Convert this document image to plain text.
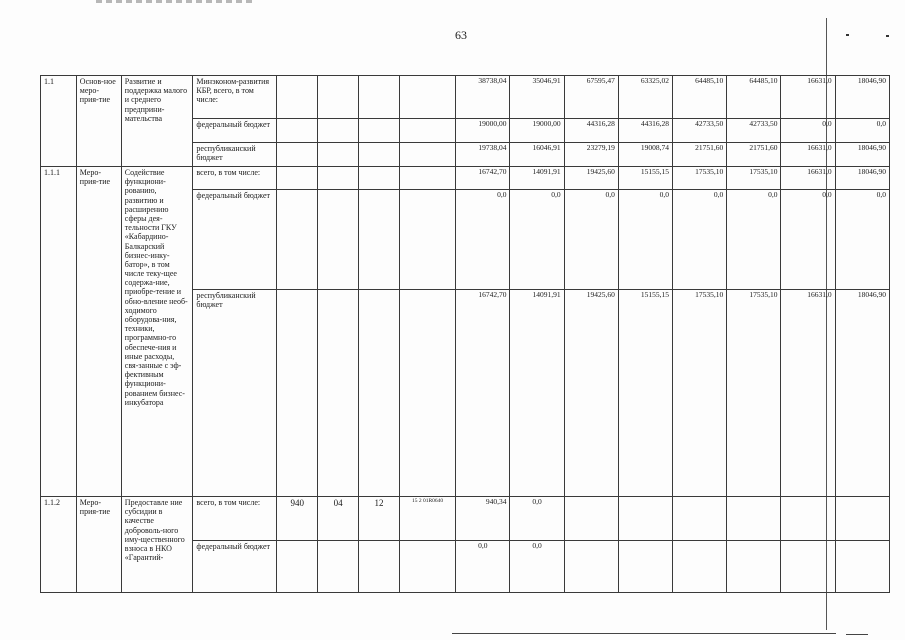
63
1.1	Основ-ное меро-прия-тие	Развитие и поддержка малого и среднего предприни-мательства	Минэконом-развития КБР, всего, в том числе:					38738,04	35046,91	67595,47	63325,02	64485,10	64485,10	16631,0	18046,90
			федеральный бюджет					19000,00	19000,00	44316,28	44316,28	42733,50	42733,50	0,0	0,0
			республиканский бюджет					19738,04	16046,91	23279,19	19008,74	21751,60	21751,60	16631,0	18046,90
1.1.1	Меро-прия-тие	Содействие функциони-рованию, развитию и расширению сферы дея-тельности ГКУ «Кабардино-Балкарский бизнес-инку-батор», в том числе теку-щее содержа-ние, приобре-тение и обно-вление необ-ходимого оборудова-ния, техники, программно-го обеспече-ния и иные расходы, свя-занные с эф-фективным функциони-рованием бизнес-инкубатора	всего, в том числе:					16742,70	14091,91	19425,60	15155,15	17535,10	17535,10	16631,0	18046,90
			федеральный бюджет					0,0	0,0	0,0	0,0	0,0	0,0	0,0	0,0
			республиканский бюджет					16742,70	14091,91	19425,60	15155,15	17535,10	17535,10	16631,0	18046,90
1.1.2	Меро-прия-тие	Предоставле ние субсидии в качестве доброволь-ного иму-щественного взноса в НКО «Гарантий-	всего, в том числе:	940	04	12	15 2 01R0640	940,34	0,0						
			федеральный бюджет					0,0	0,0						
